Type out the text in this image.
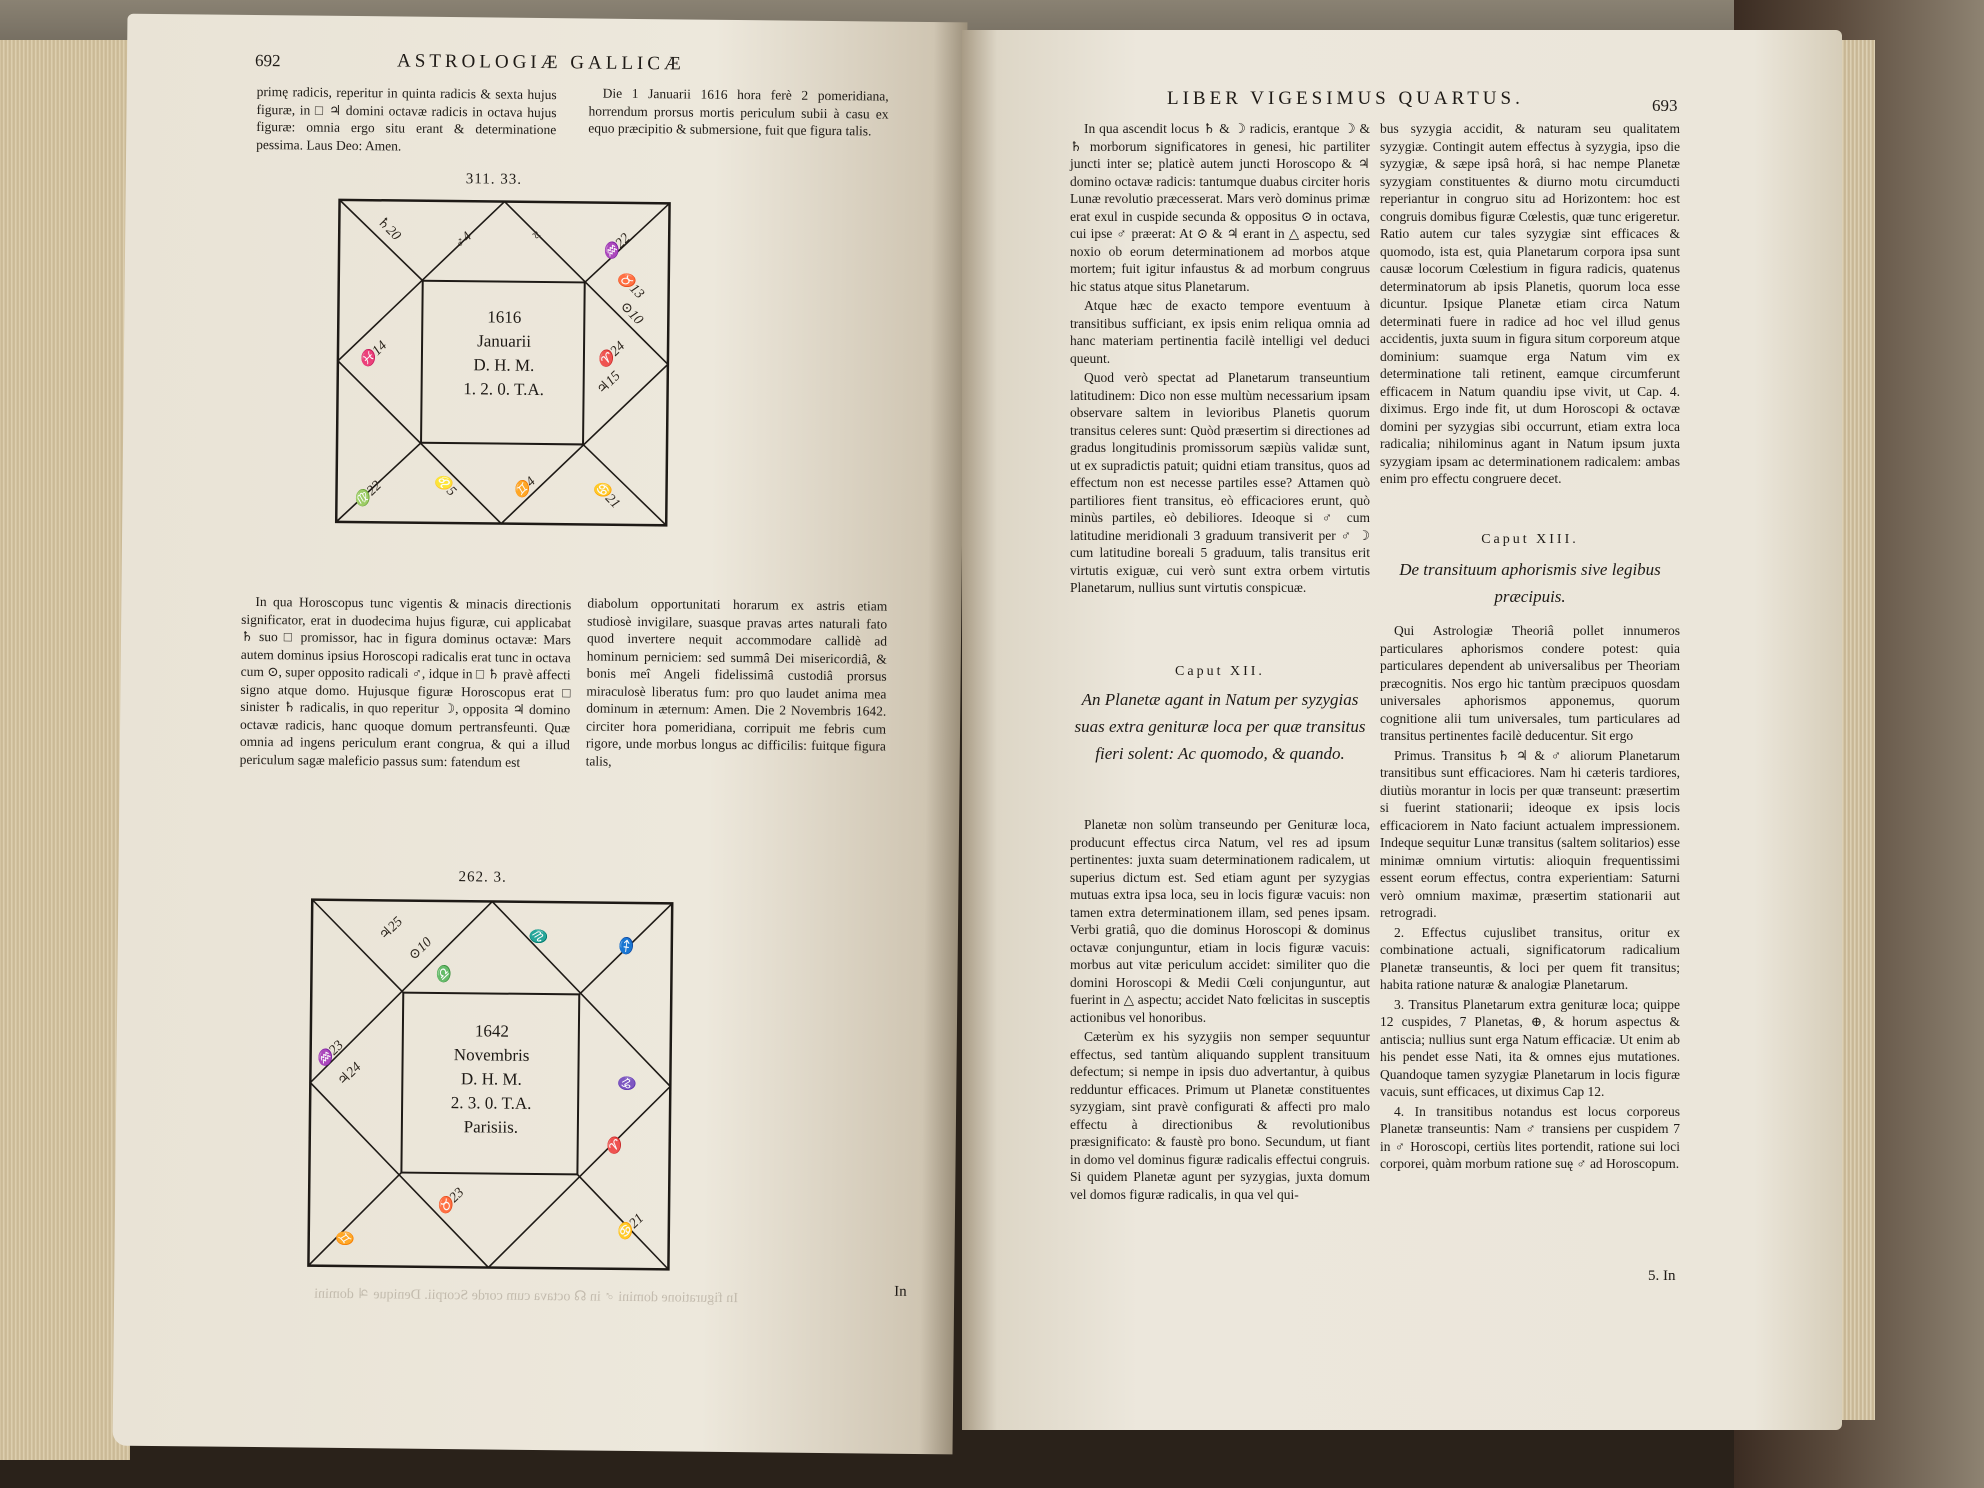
692	ASTROLOGIÆ GALLICÆ

primę radicis, reperitur in quinta radicis & sexta hujus figuræ, in □ ♃ domini octavæ radicis in octava hujus figuræ: omnia ergo situ erant & determinatione pessima. Laus Deo: Amen.

Die 1 Januarii 1616 hora ferè 2 pomeridiana, horrendum prorsus mortis periculum subii à casu ex equo præcipitio & submersione, fuit que figura talis.

311. 33.
1616
Januarii
D. H. M.
1. 2. 0. T.A.
♄20	♂4	≈	♒22
♉13
⊙10
♓14	♈24
♃15
♍22	♌5	♋21
♊4

In qua Horoscopus tunc vigentis & minacis directionis significator, erat in duodecima hujus figuræ, cui applicabat ♄ suo □ promissor, hac in figura dominus octavæ: Mars autem dominus ipsius Horoscopi radicalis erat tunc in octava cum ⊙, super opposito radicali ♂, idque in □ ♄ pravè affecti signo atque domo. Hujusque figuræ Horoscopus erat □ sinister ♄ radicalis, in quo reperitur ☽, opposita ♃ domino octavæ radicis, hanc quoque domum pertransfeunti. Quæ omnia ad ingens periculum erant congrua, & qui a illud periculum sagæ maleficio passus sum: fatendum est

diabolum opportunitati horarum ex astris etiam studiosè invigilare, suasque pravas artes naturali fato quod invertere nequit accommodare callidè ad hominum perniciem: sed summâ Dei misericordiâ, & bonis meî Angeli fidelissimâ custodiâ prorsus miraculosè liberatus fum: pro quo laudet anima mea dominum in æternum: Amen. Die 2 Novembris 1642. circiter hora pomeridiana, corripuit me febris cum rigore, unde morbus longus ac difficilis: fuitque figura talis,

262. 3.
1642
Novembris
D. H. M.
2. 3. 0. T.A.
Parisiis.
♃25
⊙10
♎
♏	♐
♒23
♃24	♑
♈
♉23
♊	♋21
In figuratione domini ♂ in ☊ octava cum corde Scorpii. Denique ♃ domini	In
LIBER VIGESIMUS QUARTUS.	693

In qua ascendit locus ♄ & ☽ radicis, erantque ☽ & ♄ morborum significatores in genesi, hic partiliter juncti inter se; platicè autem juncti Horoscopo & ♃ domino octavæ radicis: tantumque duabus circiter horis Lunæ revolutio præcesserat. Mars verò dominus primæ erat exul in cuspide secunda & oppositus ⊙ in octava, cui ipse ♂ præerat: At ⊙ & ♃ erant in △ aspectu, sed noxio ob eorum determinationem ad morbos atque mortem; fuit igitur infaustus & ad morbum congruus hic status atque situs Planetarum.

Atque hæc de exacto tempore eventuum à transitibus sufficiant, ex ipsis enim reliqua omnia ad hanc materiam pertinentia facilè intelligi vel deduci queunt.

Quod verò spectat ad Planetarum transeuntium latitudinem: Dico non esse multùm necessarium ipsam observare saltem in levioribus Planetis quorum transitus celeres sunt: Quòd præsertim si directiones ad gradus longitudinis promissorum sæpiùs validæ sunt, ut ex supradictis patuit; quidni etiam transitus, quos ad effectum non est necesse partiles esse? Attamen quò partiliores fient transitus, eò efficaciores erunt, quò minùs partiles, eò debiliores. Ideoque si ♂ cum latitudine meridionali 3 graduum transiverit per ♂ ☽ cum latitudine boreali 5 graduum, talis transitus erit virtutis exiguæ, cui verò sunt extra orbem virtutis Planetarum, nullius sunt virtutis conspicuæ.

Caput XII.
An Planetæ agant in Natum per syzygias suas extra genituræ loca per quæ transitus fieri solent: Ac quomodo, & quando.

Planetæ non solùm transeundo per Genituræ loca, producunt effectus circa Natum, vel res ad ipsum pertinentes: juxta suam determinationem radicalem, ut superius dictum est. Sed etiam agunt per syzygias mutuas extra ipsa loca, seu in locis figuræ vacuis: non tamen extra determinationem illam, sed penes ipsam. Verbi gratiâ, quo die dominus Horoscopi & dominus octavæ conjunguntur, etiam in locis figuræ vacuis: morbus aut vitæ periculum accidet: similiter quo die domini Horoscopi & Medii Cœli conjunguntur, aut fuerint in △ aspectu; accidet Nato fœlicitas in susceptis actionibus vel honoribus.

Cæterùm ex his syzygiis non semper sequuntur effectus, sed tantùm aliquando supplent transituum defectum; si nempe in ipsis duo advertantur, à quibus redduntur efficaces. Primum ut Planetæ constituentes syzygiam, sint pravè configurati & affecti pro malo effectu à directionibus & revolutionibus præsignificato: & faustè pro bono. Secundum, ut fiant in domo vel dominus figuræ radicalis effectui congruis. Si quidem Planetæ agunt per syzygias, juxta domum vel domos figuræ radicalis, in qua vel qui-

bus syzygia accidit, & naturam seu qualitatem syzygiæ. Contingit autem effectus à syzygia, ipso die syzygiæ, & sæpe ipsâ horâ, si hac nempe Planetæ syzygiam constituentes & diurno motu circumducti reperiantur in congruo situ ad Horizontem: hoc est congruis domibus figuræ Cœlestis, quæ tunc erigeretur. Ratio autem cur tales syzygiæ sint efficaces & quomodo, ista est, quia Planetarum corpora ipsa sunt causæ locorum Cœlestium in figura radicis, quatenus determinatorum ab ipsis Planetis, quorum loca esse dicuntur. Ipsique Planetæ etiam circa Natum determinati fuere in radice ad hoc vel illud genus accidentis, juxta suum in figura situm corporeum atque dominium: suamque erga Natum vim ex determinatione tali retinent, eamque circumferunt efficacem in Natum quandiu ipse vivit, ut Cap. 4. diximus. Ergo inde fit, ut dum Horoscopi & octavæ domini per syzygias sibi occurrunt, etiam extra loca radicalia; nihilominus agant in Natum ipsum juxta syzygiam ipsam ac determinationem radicalem: ambas enim pro effectu congruere decet.

Caput XIII.
De transituum aphorismis sive legibus præcipuis.

Qui Astrologiæ Theoriâ pollet innumeros particulares aphorismos condere potest: quia particulares dependent ab universalibus per Theoriam præcognitis. Nos ergo hic tantùm præcipuos quosdam universales aphorismos apponemus, quorum cognitione alii tum universales, tum particulares ad transitus pertinentes facilè deducentur. Sit ergo

Primus. Transitus ♄ ♃ & ♂ aliorum Planetarum transitibus sunt efficaciores. Nam hi cæteris tardiores, diutiùs morantur in locis per quæ transeunt: præsertim si fuerint stationarii; ideoque ex ipsis locis efficaciorem in Nato faciunt actualem impressionem. Indeque sequitur Lunæ transitus (saltem solitarios) esse minimæ omnium virtutis: alioquin frequentissimi essent eorum effectus, contra experientiam: Saturni verò omnium maximæ, præsertim stationarii aut retrogradi.

2. Effectus cujuslibet transitus, oritur ex combinatione actuali, significatorum radicalium Planetæ transeuntis, & loci per quem fit transitus; habita ratione naturæ & analogiæ Planetarum.

3. Transitus Planetarum extra genituræ loca; quippe 12 cuspides, 7 Planetas, ⊕, & horum aspectus & antiscia; nullius sunt erga Natum efficaciæ. Ut enim ab his pendet esse Nati, ita & omnes ejus mutationes. Quandoque tamen syzygiæ Planetarum in locis figuræ vacuis, sunt efficaces, ut diximus Cap 12.

4. In transitibus notandus est locus corporeus Planetæ transeuntis: Nam ♂ transiens per cuspidem 7 in ♂ Horoscopi, certiùs lites portendit, ratione sui loci corporei, quàm morbum ratione suę ♂ ad Horoscopum.

5. In
